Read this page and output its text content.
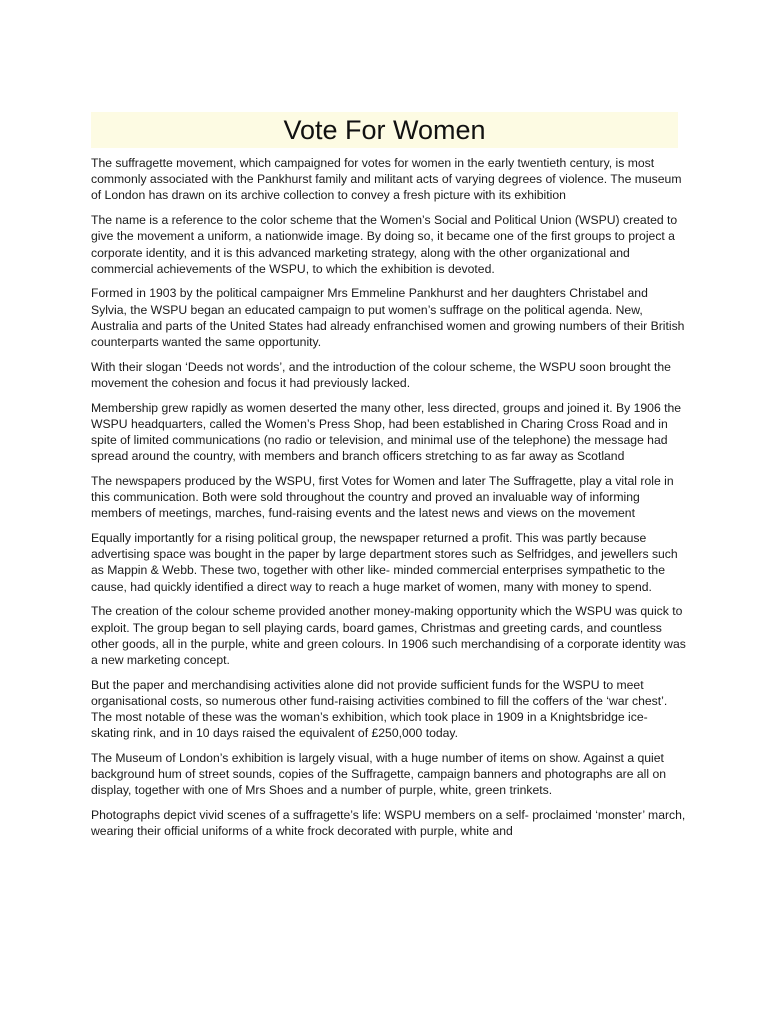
Vote For Women

The suffragette movement, which campaigned for votes for women in the early twentieth century, is most commonly associated with the Pankhurst family and militant acts of varying degrees of violence. The museum of London has drawn on its archive collection to convey a fresh picture with its exhibition

The name is a reference to the color scheme that the Women’s Social and Political Union (WSPU) created to give the movement a uniform, a nationwide image. By doing so, it became one of the first groups to project a corporate identity, and it is this advanced marketing strategy, along with the other organizational and commercial achievements of the WSPU, to which the exhibition is devoted.

Formed in 1903 by the political campaigner Mrs Emmeline Pankhurst and her daughters Christabel and Sylvia, the WSPU began an educated campaign to put women’s suffrage on the political agenda. New, Australia and parts of the United States had already enfranchised women and growing numbers of their British counterparts wanted the same opportunity.

With their slogan ‘Deeds not words’, and the introduction of the colour scheme, the WSPU soon brought the movement the cohesion and focus it had previously lacked.

Membership grew rapidly as women deserted the many other, less directed, groups and joined it. By 1906 the WSPU headquarters, called the Women’s Press Shop, had been established in Charing Cross Road and in spite of limited communications (no radio or television, and minimal use of the telephone) the message had spread around the country, with members and branch officers stretching to as far away as Scotland

The newspapers produced by the WSPU, first Votes for Women and later The Suffragette, play a vital role in this communication. Both were sold throughout the country and proved an invaluable way of informing members of meetings, marches, fund-raising events and the latest news and views on the movement

Equally importantly for a rising political group, the newspaper returned a profit. This was partly because advertising space was bought in the paper by large department stores such as Selfridges, and jewellers such as Mappin & Webb. These two, together with other like- minded commercial enterprises sympathetic to the cause, had quickly identified a direct way to reach a huge market of women, many with money to spend.

The creation of the colour scheme provided another money-making opportunity which the WSPU was quick to exploit. The group began to sell playing cards, board games, Christmas and greeting cards, and countless other goods, all in the purple, white and green colours. In 1906 such merchandising of a corporate identity was a new marketing concept.

But the paper and merchandising activities alone did not provide sufficient funds for the WSPU to meet organisational costs, so numerous other fund-raising activities combined to fill the coffers of the ‘war chest’. The most notable of these was the woman’s exhibition, which took place in 1909 in a Knightsbridge ice-skating rink, and in 10 days raised the equivalent of £250,000 today.

The Museum of London’s exhibition is largely visual, with a huge number of items on show. Against a quiet background hum of street sounds, copies of the Suffragette, campaign banners and photographs are all on display, together with one of Mrs Shoes and a number of purple, white, green trinkets.

Photographs depict vivid scenes of a suffragette’s life: WSPU members on a self- proclaimed ‘monster’ march, wearing their official uniforms of a white frock decorated with purple, white and
